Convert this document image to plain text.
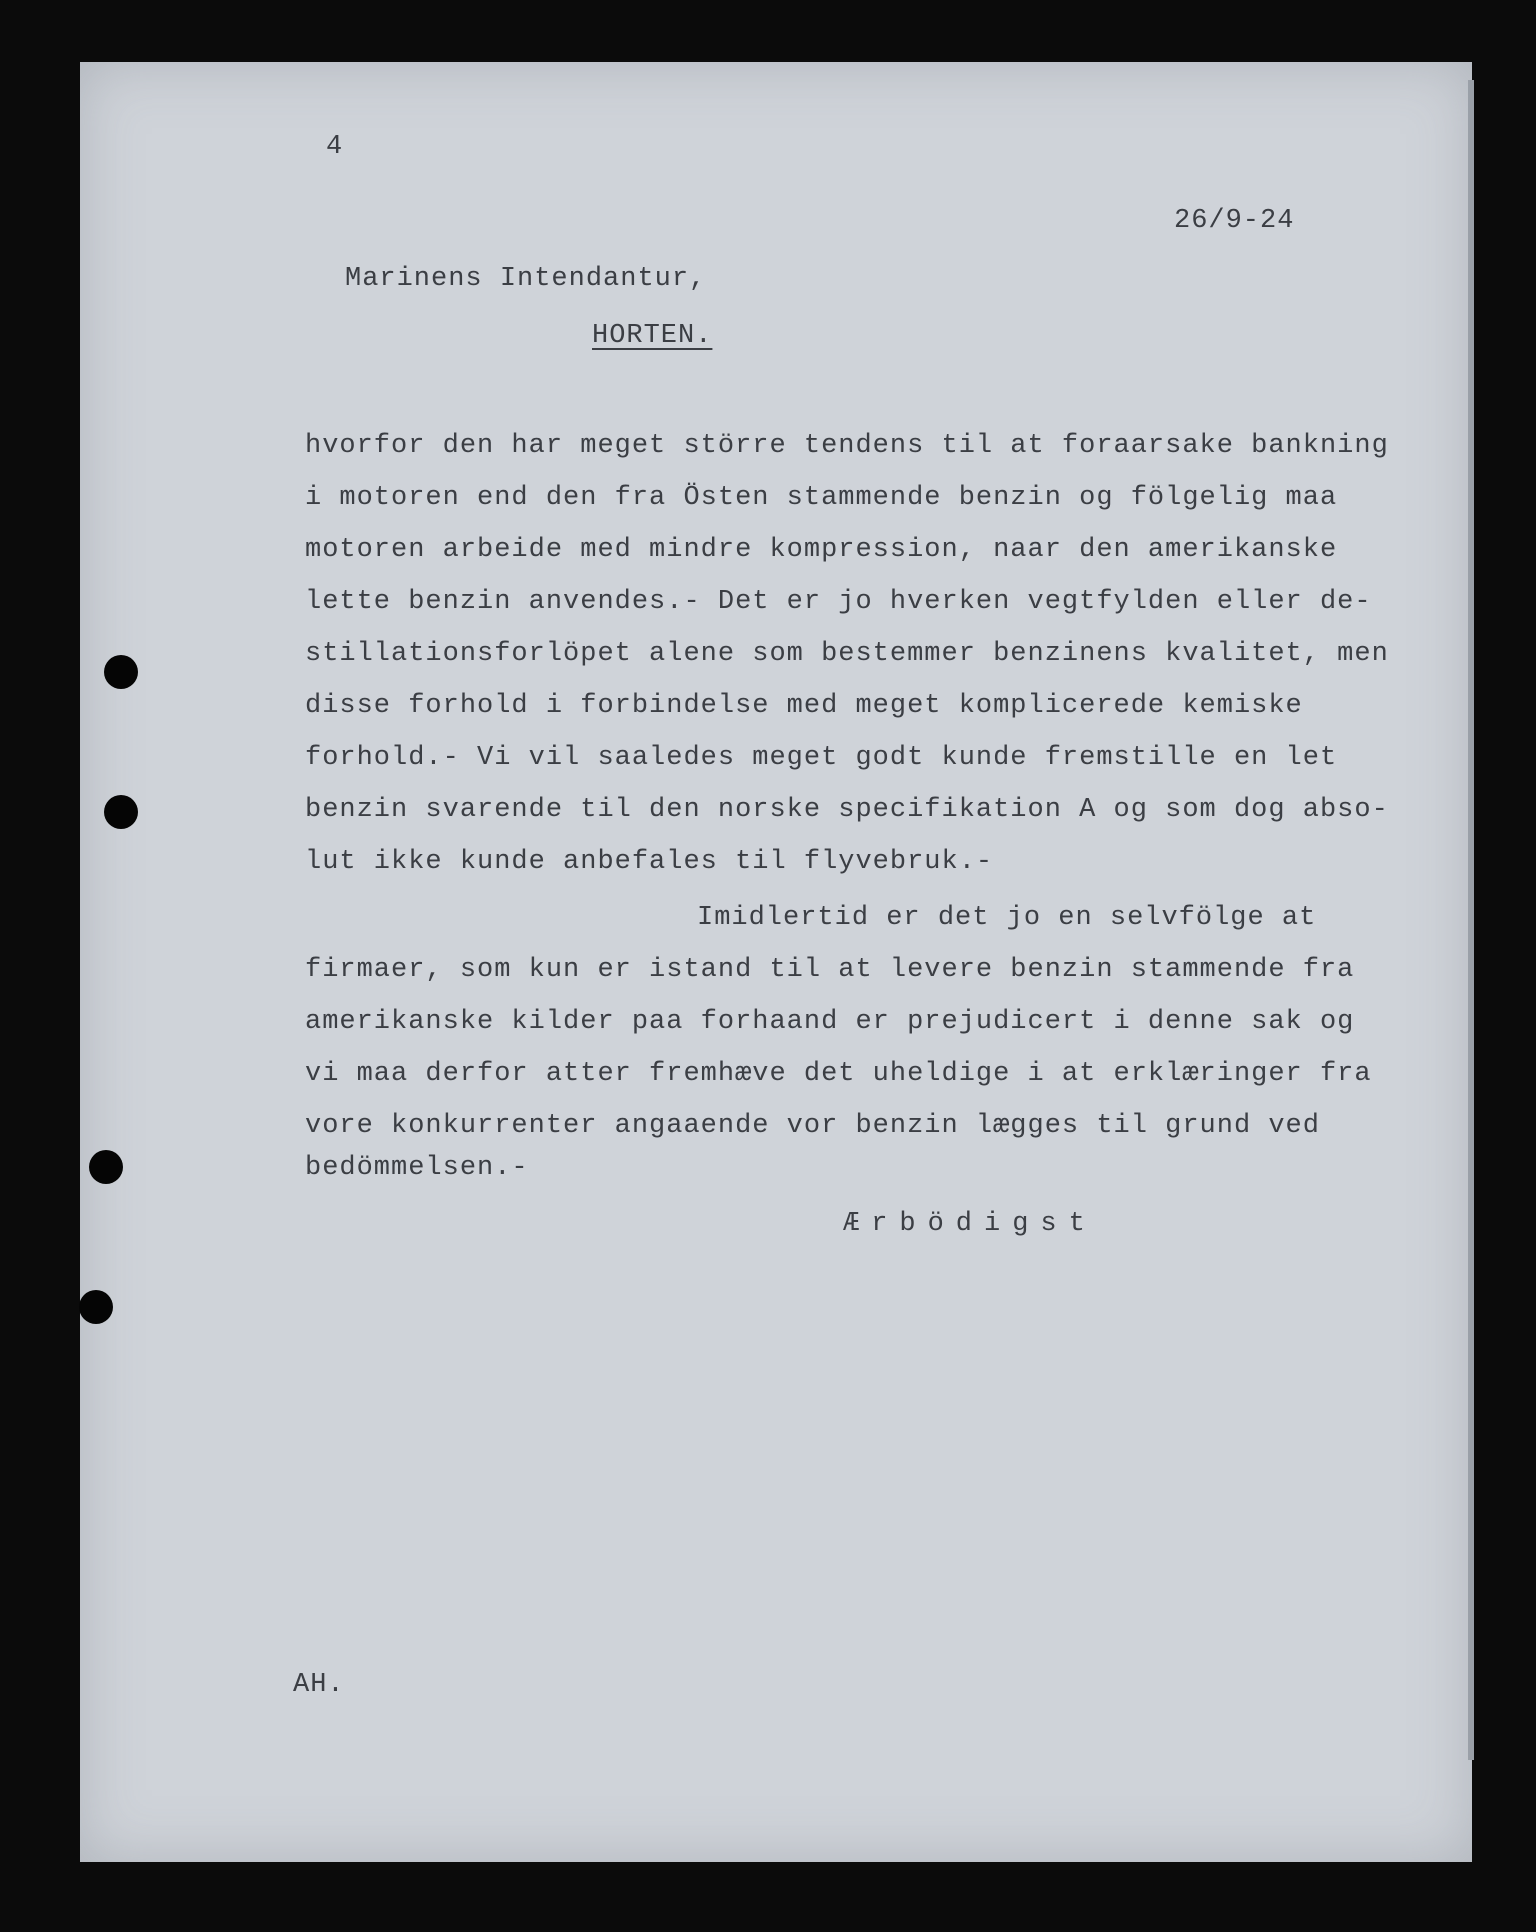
4
26/9-24
Marinens Intendantur,
HORTEN.
hvorfor den har meget större tendens til at foraarsake bankning
i motoren end den fra Östen stammende benzin og fölgelig maa
motoren arbeide med mindre kompression, naar den amerikanske
lette benzin anvendes.- Det er jo hverken vegtfylden eller de-
stillationsforlöpet alene som bestemmer benzinens kvalitet, men
disse forhold i forbindelse med meget komplicerede kemiske
forhold.- Vi vil saaledes meget godt kunde fremstille en let
benzin svarende til den norske specifikation A og som dog abso-
lut ikke kunde anbefales til flyvebruk.-
Imidlertid er det jo en selvfölge at
firmaer, som kun er istand til at levere benzin stammende fra
amerikanske kilder paa forhaand er prejudicert i denne sak og
vi maa derfor atter fremhæve det uheldige i at erklæringer fra
vore konkurrenter angaaende vor benzin lægges til grund ved
bedömmelsen.-
Ærbödigst
AH.
